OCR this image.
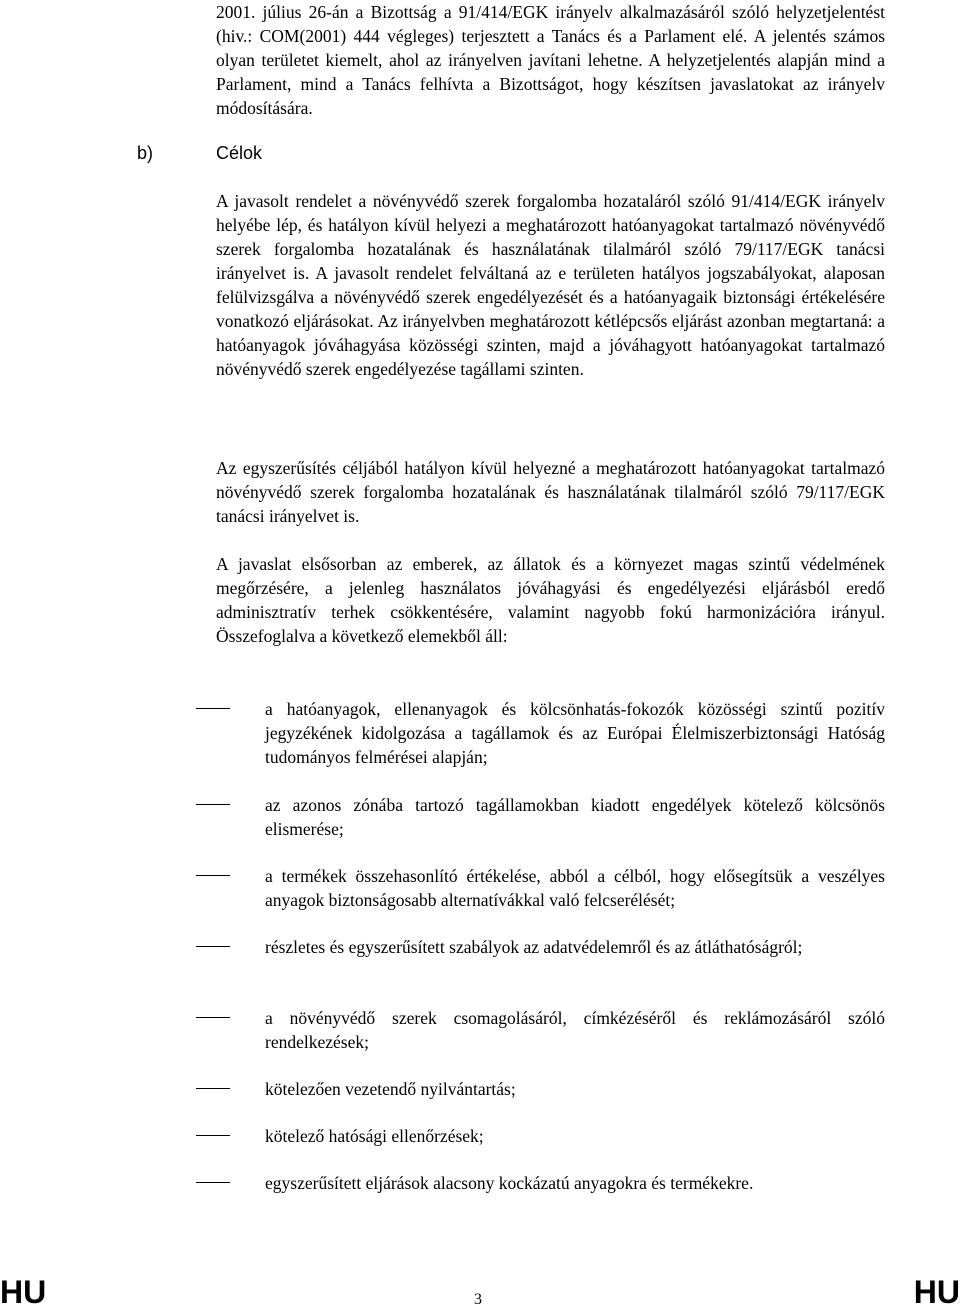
2001. július 26-án a Bizottság a 91/414/EGK irányelv alkalmazásáról szóló helyzetjelentést (hiv.: COM(2001) 444 végleges) terjesztett a Tanács és a Parlament elé. A jelentés számos olyan területet kiemelt, ahol az irányelven javítani lehetne. A helyzetjelentés alapján mind a Parlament, mind a Tanács felhívta a Bizottságot, hogy készítsen javaslatokat az irányelv módosítására.

b)	Célok

A javasolt rendelet a növényvédő szerek forgalomba hozataláról szóló 91/414/EGK irányelv helyébe lép, és hatályon kívül helyezi a meghatározott hatóanyagokat tartalmazó növényvédő szerek forgalomba hozatalának és használatának tilalmáról szóló 79/117/EGK tanácsi irányelvet is. A javasolt rendelet felváltaná az e területen hatályos jogszabályokat, alaposan felülvizsgálva a növényvédő szerek engedélyezését és a hatóanyagaik biztonsági értékelésére vonatkozó eljárásokat. Az irányelvben meghatározott kétlépcsős eljárást azonban megtartaná: a hatóanyagok jóváhagyása közösségi szinten, majd a jóváhagyott hatóanyagokat tartalmazó növényvédő szerek engedélyezése tagállami szinten.

Az egyszerűsítés céljából hatályon kívül helyezné a meghatározott hatóanyagokat tartalmazó növényvédő szerek forgalomba hozatalának és használatának tilalmáról szóló 79/117/EGK tanácsi irányelvet is.

A javaslat elsősorban az emberek, az állatok és a környezet magas szintű védelmének megőrzésére, a jelenleg használatos jóváhagyási és engedélyezési eljárásból eredő adminisztratív terhek csökkentésére, valamint nagyobb fokú harmonizációra irányul. Összefoglalva a következő elemekből áll:

a hatóanyagok, ellenanyagok és kölcsönhatás-fokozók közösségi szintű pozitív jegyzékének kidolgozása a tagállamok és az Európai Élelmiszerbiztonsági Hatóság tudományos felmérései alapján;
az azonos zónába tartozó tagállamokban kiadott engedélyek kötelező kölcsönös elismerése;
a termékek összehasonlító értékelése, abból a célból, hogy elősegítsük a veszélyes anyagok biztonságosabb alternatívákkal való felcserélését;
részletes és egyszerűsített szabályok az adatvédelemről és az átláthatóságról;
a növényvédő szerek csomagolásáról, címkézéséről és reklámozásáról szóló rendelkezések;
kötelezően vezetendő nyilvántartás;
kötelező hatósági ellenőrzések;
egyszerűsített eljárások alacsony kockázatú anyagokra és termékekre.
HU	3	HU
